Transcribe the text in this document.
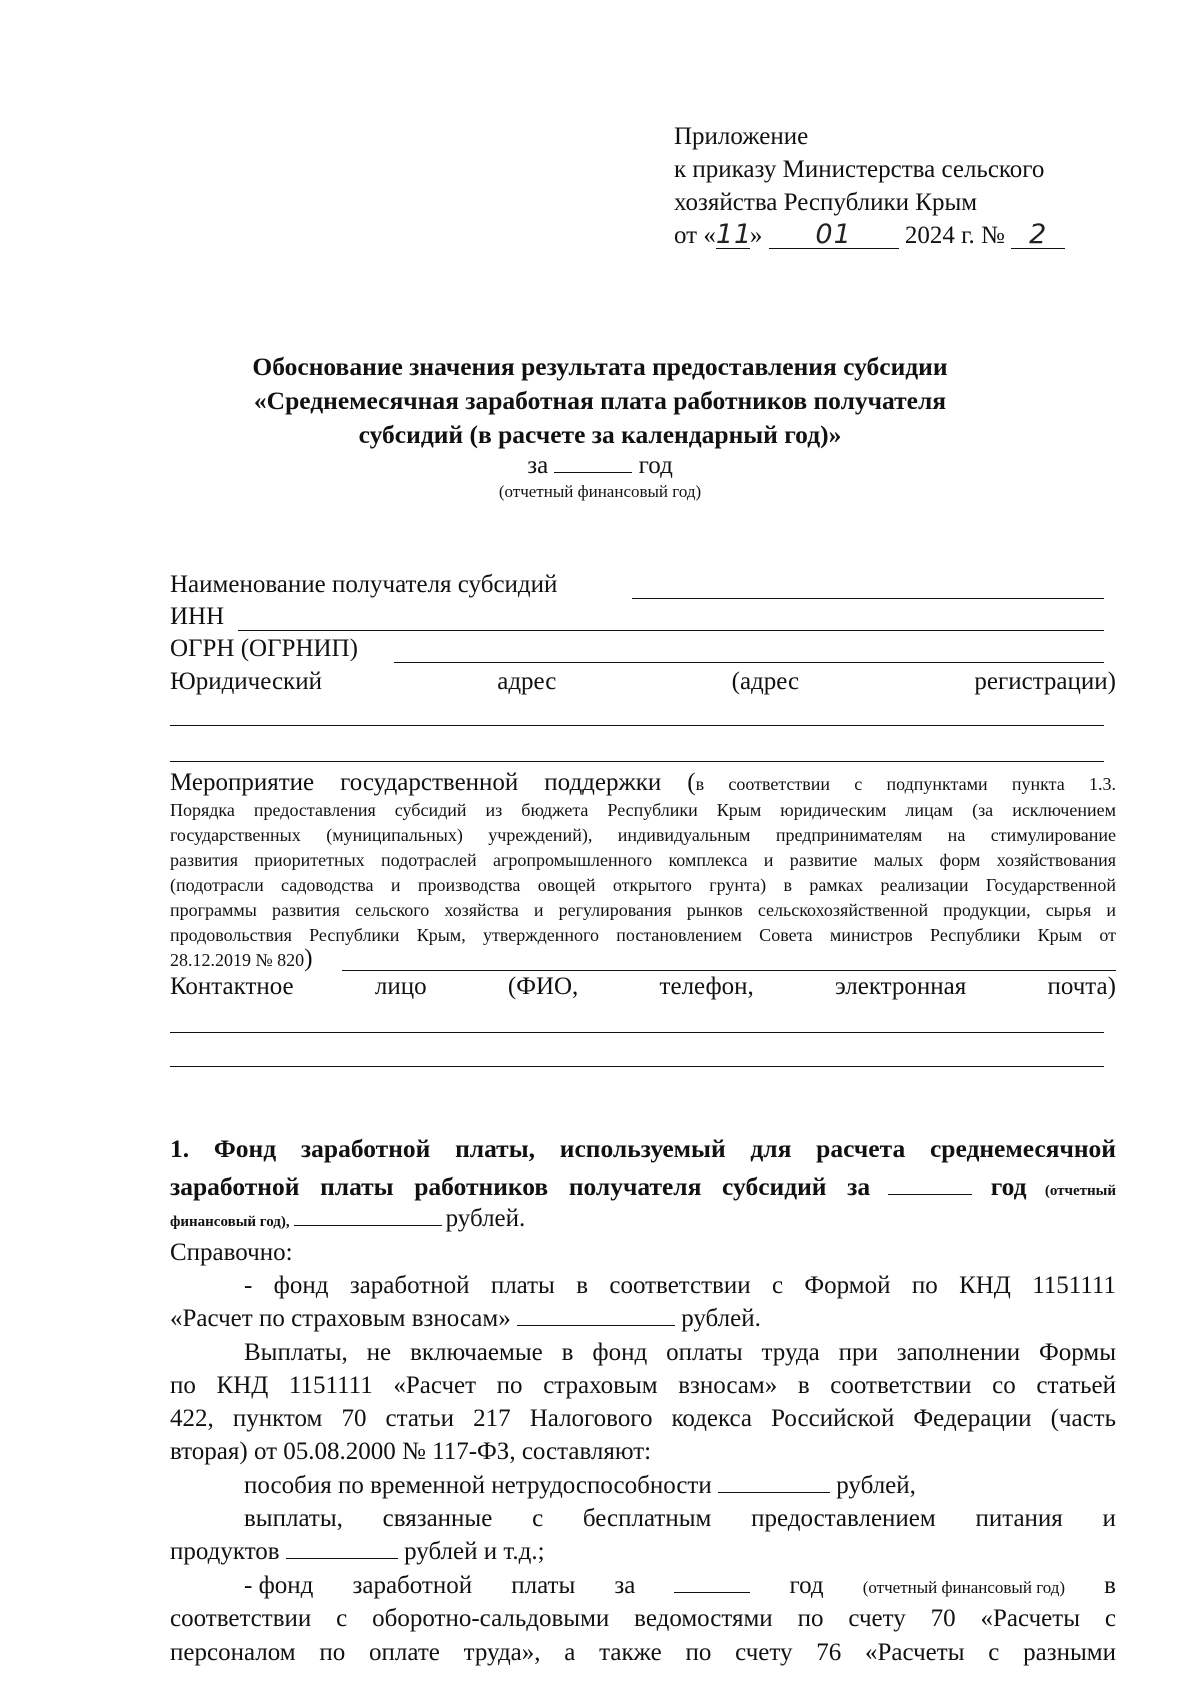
Приложение
к приказу Министерства сельского
хозяйства Республики Крым
от «11» 01 2024 г. № 2
Обоснование значения результата предоставления субсидии
«Среднемесячная заработная плата работников получателя
субсидий (в расчете за календарный год)»
за	год
(отчетный финансовый год)
Наименование получателя субсидий
ИНН
ОГРН (ОГРНИП)
Юридический	адрес	(адрес	регистрации)
Мероприятие государственной поддержки (в соответствии с подпунктами пункта 1.3.
Порядка предоставления субсидий из бюджета Республики Крым юридическим лицам (за исключением
государственных (муниципальных) учреждений), индивидуальным предпринимателям на стимулирование
развития приоритетных подотраслей агропромышленного комплекса и развитие малых форм хозяйствования
(подотрасли садоводства и производства овощей открытого грунта) в рамках реализации Государственной
программы развития сельского хозяйства и регулирования рынков сельскохозяйственной продукции, сырья и
продовольствия Республики Крым, утвержденного постановлением Совета министров Республики Крым от
28.12.2019 № 820)
Контактное	лицо	(ФИО,	телефон,	электронная	почта)
1. Фонд заработной платы, используемый для расчета среднемесячной
заработной платы работников получателя субсидий за	год (отчетный
финансовый год),	рублей.
Справочно:
- фонд заработной платы в соответствии с Формой по КНД 1151111
«Расчет по страховым взносам»	рублей.
Выплаты, не включаемые в фонд оплаты труда при заполнении Формы
по КНД 1151111 «Расчет по страховым взносам» в соответствии со статьей
422, пунктом 70 статьи 217 Налогового кодекса Российской Федерации (часть
вторая) от 05.08.2000 № 117-ФЗ, составляют:
пособия по временной нетрудоспособности	рублей,
выплаты, связанные с бесплатным предоставлением питания и
продуктов	рублей и т.д.;
- фонд заработной платы за	год (отчетный финансовый год) в
соответствии с оборотно-сальдовыми ведомостями по счету 70 «Расчеты с
персоналом по оплате труда», а также по счету 76 «Расчеты с разными
